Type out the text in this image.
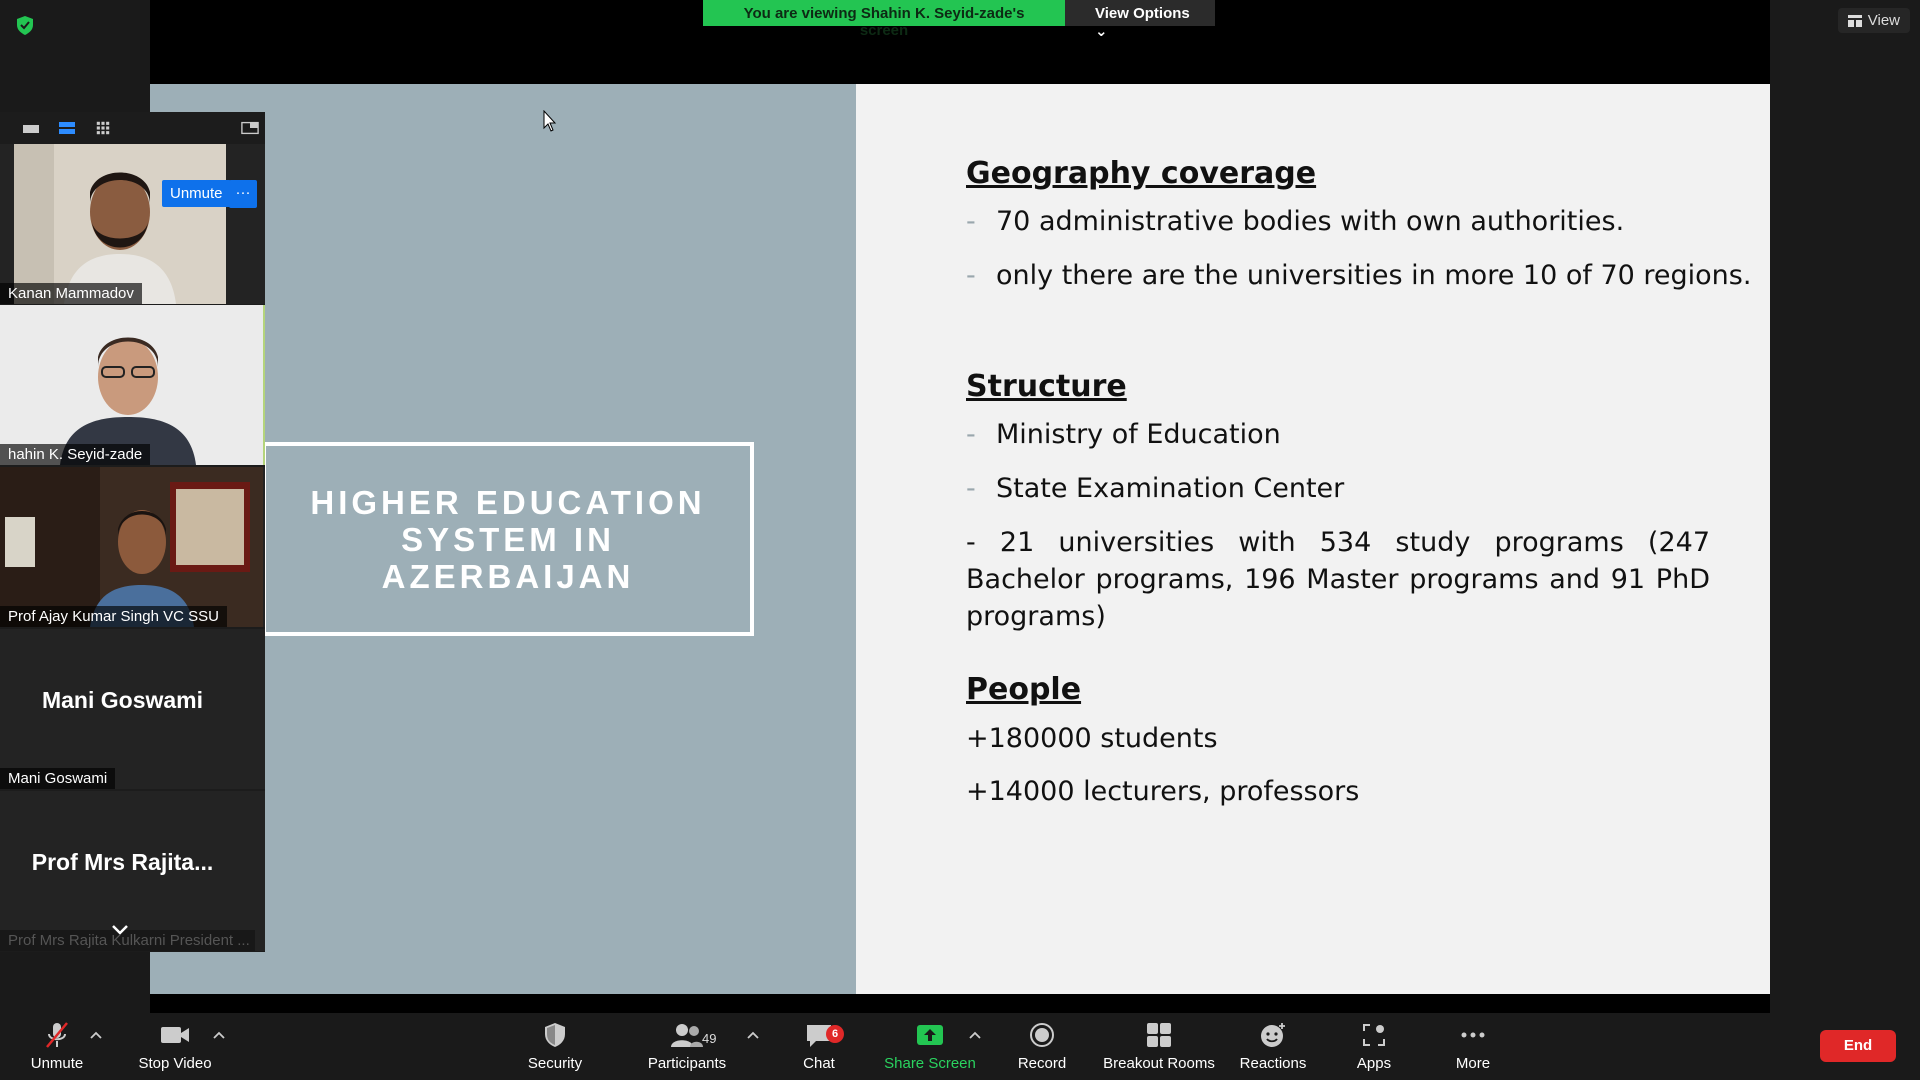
HIGHER EDUCATION SYSTEM IN AZERBAIJAN
Geography coverage
- 70 administrative bodies with own authorities.
- only there are the universities in more 10 of 70 regions.
Structure
- Ministry of Education
- State Examination Center
- 21 universities with 534 study programs (247 Bachelor programs, 196 Master programs and 91 PhD programs)
People
+180000 students
+14000 lecturers, professors
You are viewing Shahin K. Seyid-zade's screen
View Options ⌄
View
Kanan Mammadov
Unmute ···
hahin K. Seyid-zade
Prof Ajay Kumar Singh VC SSU
Mani Goswami
Mani Goswami
Prof Mrs Rajita...
Prof Mrs Rajita Kulkarni President ...
Unmute	Stop Video	Security
49
Participants
6
Chat	Share Screen	Record	Breakout Rooms	Reactions	Apps	More
End
